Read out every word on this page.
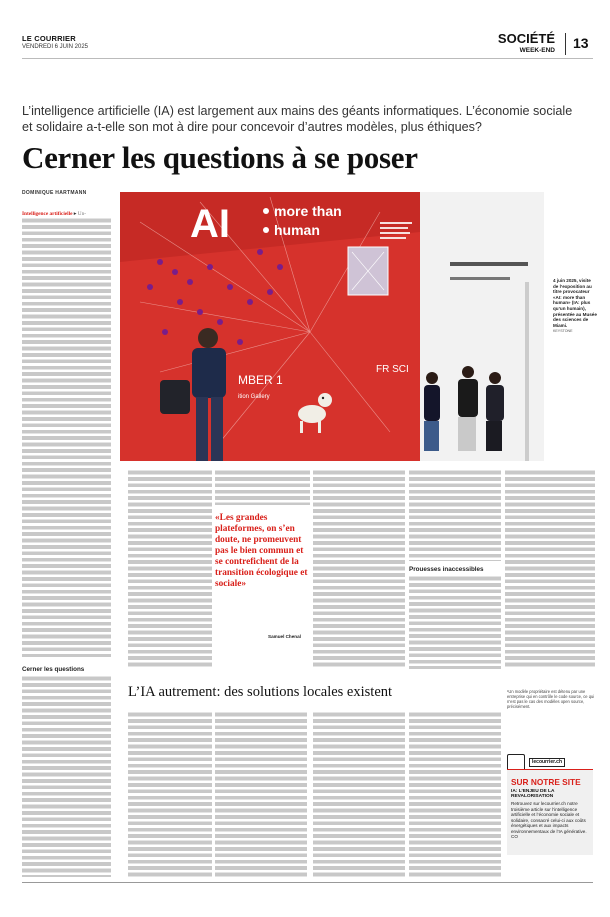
LE COURRIER
VENDREDI 6 JUIN 2025
SOCIÉTÉ
WEEK-END 13
L’intelligence artificielle (IA) est largement aux mains des géants informatiques. L’économie sociale et solidaire a-t-elle son mot à dire pour concevoir d’autres modèles, plus éthiques?
Cerner les questions à se poser
DOMINIQUE HARTMANN
Intelligence artificielle ▸ Un-
Cerner les questions
AI	more than
human
MBER 1
ition Gallery
FR SCI
4 juin 2025, visite de l’exposition au titre provocateur «AI: more than human» (IA: plus qu’un humain), présentée au Musée des sciences de Miami.
KEYSTONE
«Les grandes plateformes, on s’en doute, ne promeuvent pas le bien commun et se contrefichent de la transition écologique et sociale»
Samuel Chenal
Prouesses inaccessibles
L’IA autrement: des solutions locales existent	¹Un modèle propriétaire est détenu par une entreprise qui en contrôle le code source, ce qui n’est pas le cas des modèles open source, précisément.
lecourrier.ch
SUR NOTRE SITE
IA: L’ENJEU DE LA REVALORISATION
Retrouvez sur lecourrier.ch notre troisième article sur l’intelligence artificielle et l’économie sociale et solidaire, consacré celui-ci aux coûts énergétiques et aux impacts environnementaux de l’IA générative. CO
